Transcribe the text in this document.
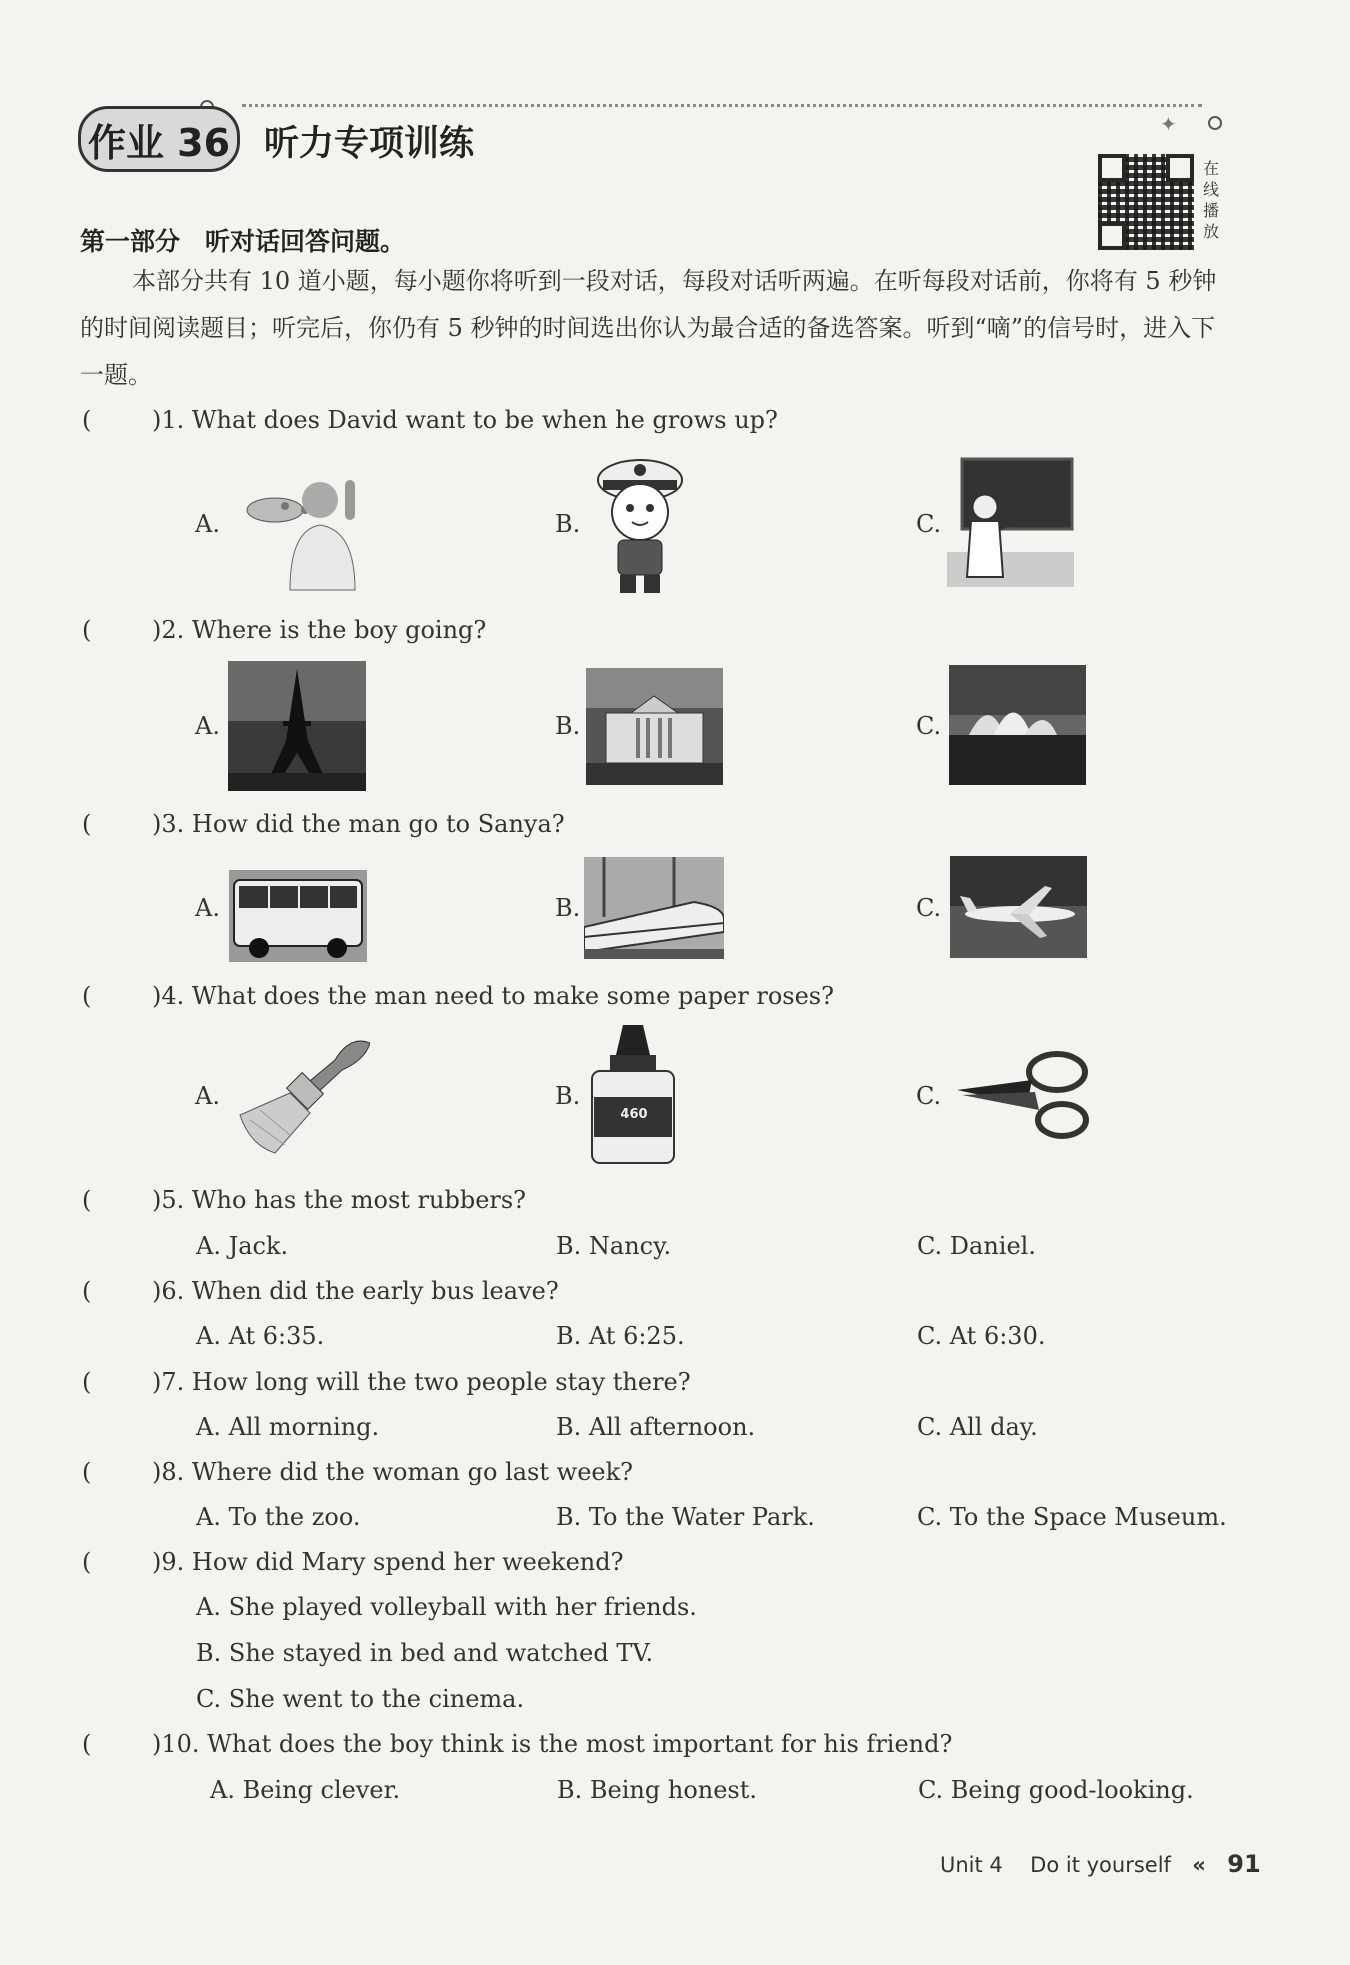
✦
作业 36 听力专项训练
在线播放
第一部分　听对话回答问题。
本部分共有 10 道小题，每小题你将听到一段对话，每段对话听两遍。在听每段对话前，你将有 5 秒钟的时间阅读题目；听完后，你仍有 5 秒钟的时间选出你认为最合适的备选答案。听到“嘀”的信号时，进入下一题。
(	)1. What does David want to be when he grows up?
A.	B.	C.
(	)2. Where is the boy going?
A.	B.	C.
(	)3. How did the man go to Sanya?
A.	B.	C.
(	)4. What does the man need to make some paper roses?
A.	B.	C.
460
(	)5. Who has the most rubbers?
A. Jack.	B. Nancy.	C. Daniel.
(	)6. When did the early bus leave?
A. At 6:35.	B. At 6:25.	C. At 6:30.
(	)7. How long will the two people stay there?
A. All morning.	B. All afternoon.	C. All day.
(	)8. Where did the woman go last week?
A. To the zoo.	B. To the Water Park.	C. To the Space Museum.
(	)9. How did Mary spend her weekend?
A. She played volleyball with her friends.
B. She stayed in bed and watched TV.
C. She went to the cinema.
(	)10. What does the boy think is the most important for his friend?
A. Being clever.	B. Being honest.	C. Being good-looking.
Unit 4 Do it yourself « 91
